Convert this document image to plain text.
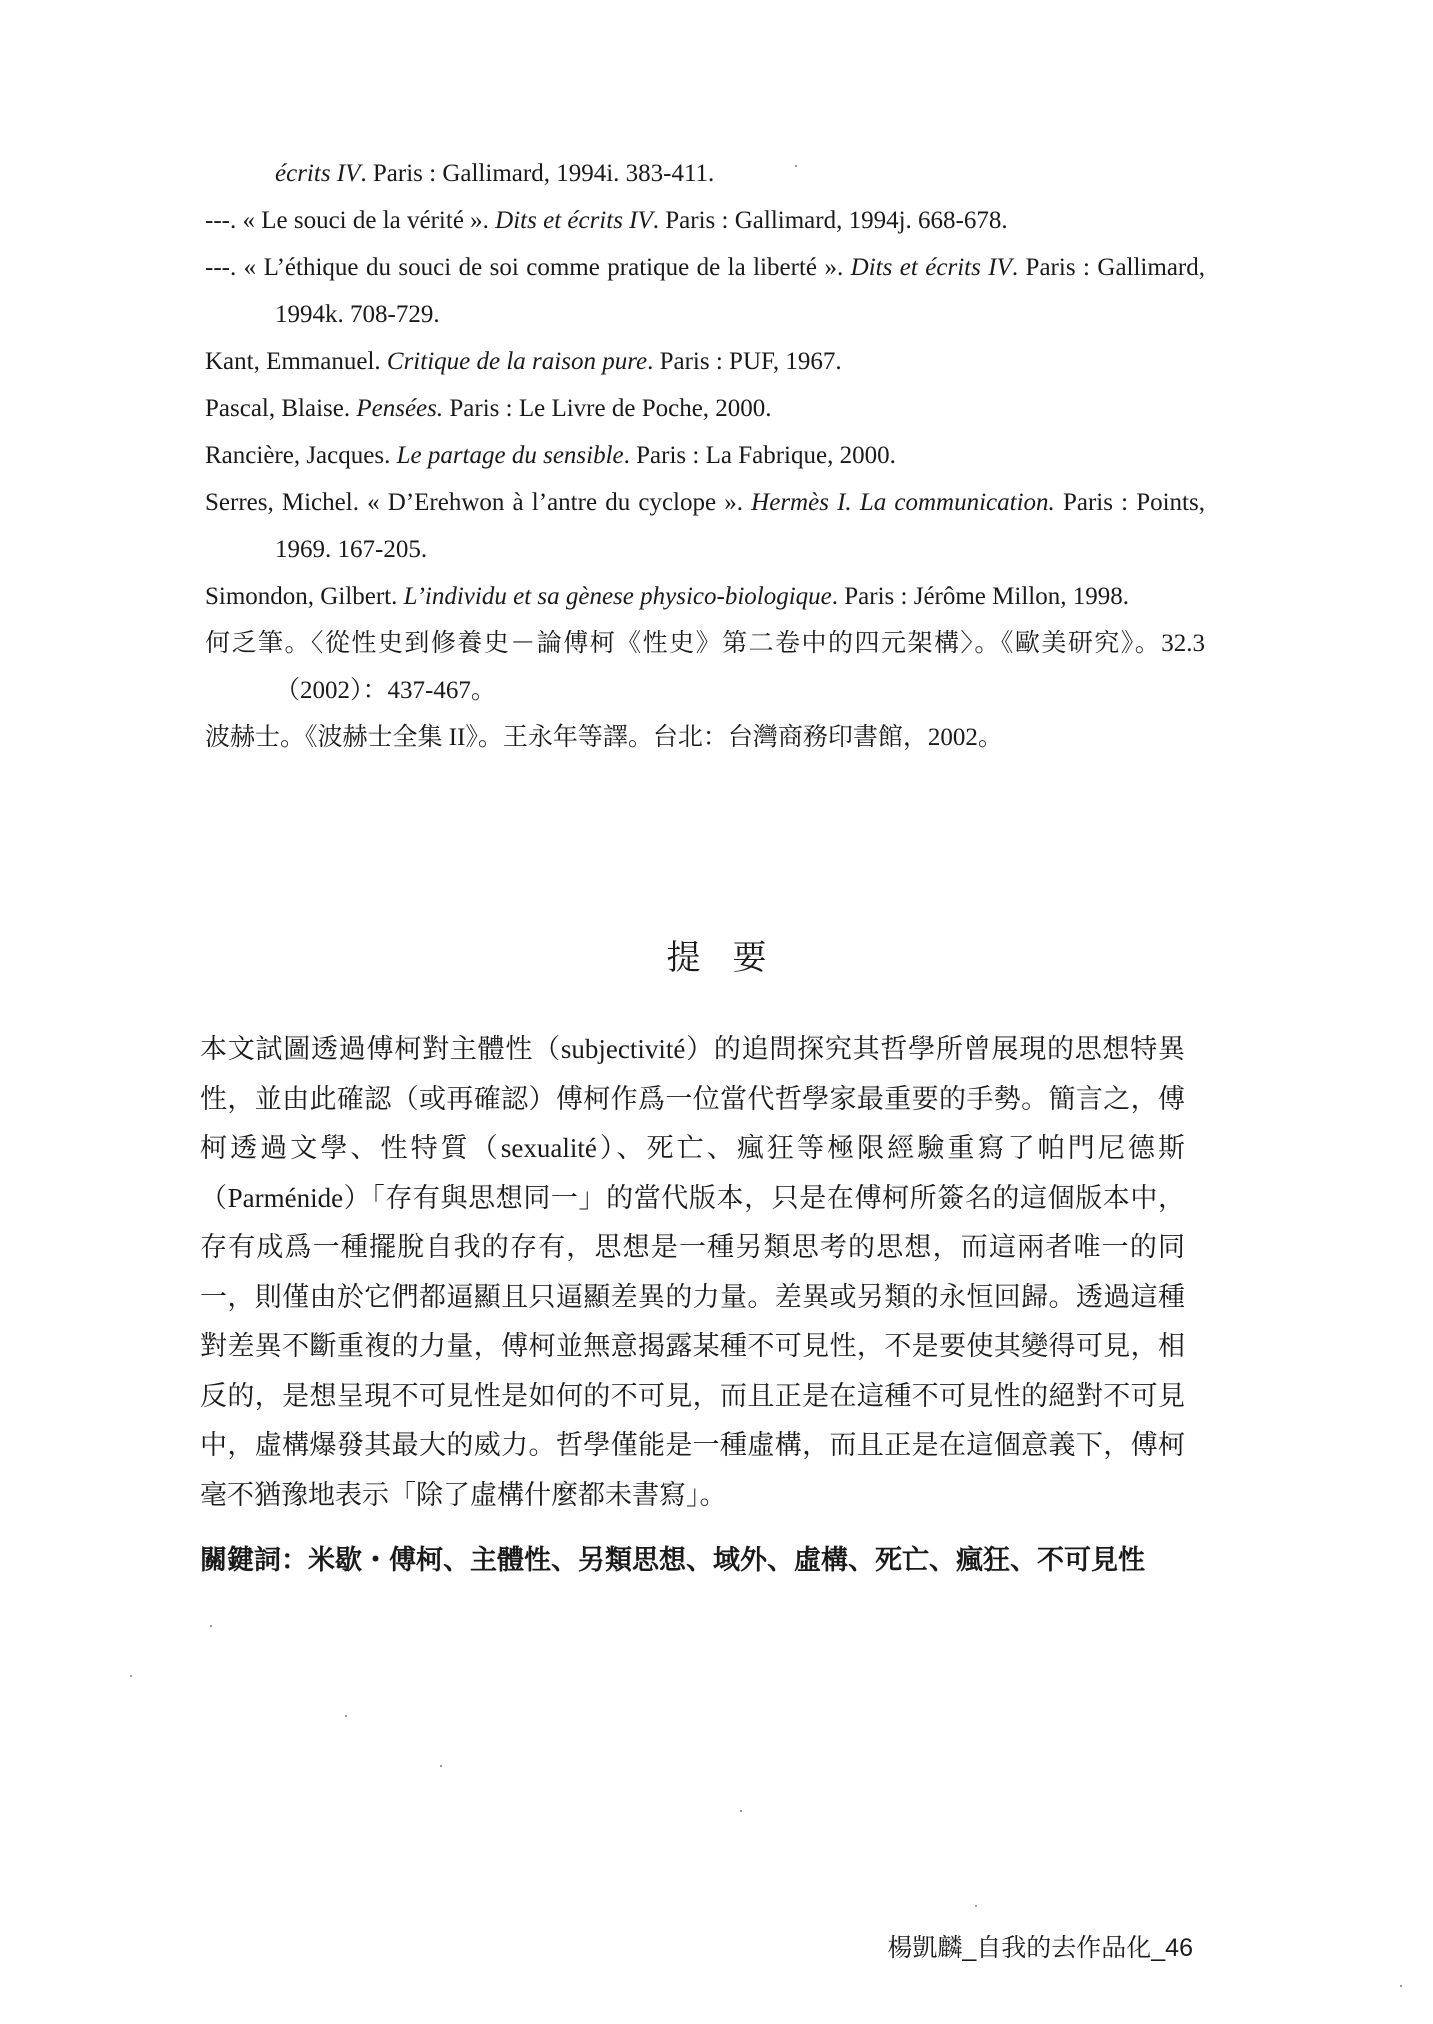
écrits IV. Paris : Gallimard, 1994i. 383-411.
---. « Le souci de la vérité ». Dits et écrits IV. Paris : Gallimard, 1994j. 668-678.
---. « L’éthique du souci de soi comme pratique de la liberté ». Dits et écrits IV. Paris : Gallimard, 1994k. 708-729.
Kant, Emmanuel. Critique de la raison pure. Paris : PUF, 1967.
Pascal, Blaise. Pensées. Paris : Le Livre de Poche, 2000.
Rancière, Jacques. Le partage du sensible. Paris : La Fabrique, 2000.
Serres, Michel. « D’Erehwon à l’antre du cyclope ». Hermès I. La communication. Paris : Points, 1969. 167-205.
Simondon, Gilbert. L’individu et sa gènese physico-biologique. Paris : Jérôme Millon, 1998.
何乏筆。〈從性史到修養史－論傅柯《性史》第二卷中的四元架構〉。《歐美研究》。32.3（2002）：437-467。
波赫士。《波赫士全集 II》。王永年等譯。台北：台灣商務印書館，2002。
提要
本文試圖透過傅柯對主體性（subjectivité）的追問探究其哲學所曾展現的思想特異性，並由此確認（或再確認）傅柯作爲一位當代哲學家最重要的手勢。簡言之，傅柯透過文學、性特質（sexualité）、死亡、瘋狂等極限經驗重寫了帕門尼德斯（Parménide）「存有與思想同一」的當代版本，只是在傅柯所簽名的這個版本中，存有成爲一種擺脫自我的存有，思想是一種另類思考的思想，而這兩者唯一的同一，則僅由於它們都逼顯且只逼顯差異的力量。差異或另類的永恒回歸。透過這種對差異不斷重複的力量，傅柯並無意揭露某種不可見性，不是要使其變得可見，相反的，是想呈現不可見性是如何的不可見，而且正是在這種不可見性的絕對不可見中，虛構爆發其最大的威力。哲學僅能是一種虛構，而且正是在這個意義下，傅柯毫不猶豫地表示「除了虛構什麼都未書寫」。
關鍵詞：米歇・傅柯、主體性、另類思想、域外、虛構、死亡、瘋狂、不可見性
楊凱麟_自我的去作品化_46
